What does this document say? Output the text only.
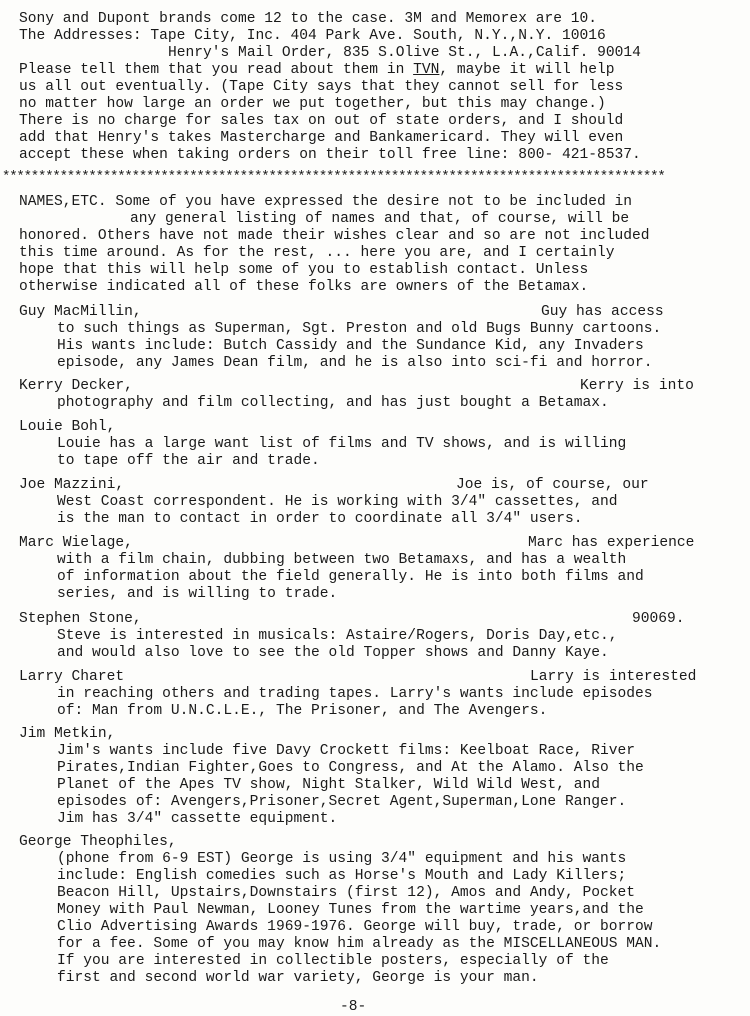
Sony and Dupont brands come 12 to the case. 3M and Memorex are 10.
The Addresses: Tape City, Inc. 404 Park Ave. South, N.Y.,N.Y. 10016
Henry's Mail Order, 835 S.Olive St., L.A.,Calif. 90014
Please tell them that you read about them in TVN, maybe it will help
us all out eventually. (Tape City says that they cannot sell for less
no matter how large an order we put together, but this may change.)
There is no charge for sales tax on out of state orders, and I should
add that Henry's takes Mastercharge and Bankamericard. They will even
accept these when taking orders on their toll free line: 800- 421-8537.
********************************************************************************************
NAMES,ETC. Some of you have expressed the desire not to be included in
any general listing of names and that, of course, will be
honored. Others have not made their wishes clear and so are not included
this time around. As for the rest, ... here you are, and I certainly
hope that this will help some of you to establish contact. Unless
otherwise indicated all of these folks are owners of the Betamax.
Guy MacMillin,	Guy has access
to such things as Superman, Sgt. Preston and old Bugs Bunny cartoons.
His wants include: Butch Cassidy and the Sundance Kid, any Invaders
episode, any James Dean film, and he is also into sci-fi and horror.
Kerry Decker,	Kerry is into
photography and film collecting, and has just bought a Betamax.
Louie Bohl,
Louie has a large want list of films and TV shows, and is willing
to tape off the air and trade.
Joe Mazzini,	Joe is, of course, our
West Coast correspondent. He is working with 3/4" cassettes, and
is the man to contact in order to coordinate all 3/4" users.
Marc Wielage,	Marc has experience
with a film chain, dubbing between two Betamaxs, and has a wealth
of information about the field generally. He is into both films and
series, and is willing to trade.
Stephen Stone,	90069.
Steve is interested in musicals: Astaire/Rogers, Doris Day,etc.,
and would also love to see the old Topper shows and Danny Kaye.
Larry Charet	Larry is interested
in reaching others and trading tapes. Larry's wants include episodes
of: Man from U.N.C.L.E., The Prisoner, and The Avengers.
Jim Metkin,
Jim's wants include five Davy Crockett films: Keelboat Race, River
Pirates,Indian Fighter,Goes to Congress, and At the Alamo. Also the
Planet of the Apes TV show, Night Stalker, Wild Wild West, and
episodes of: Avengers,Prisoner,Secret Agent,Superman,Lone Ranger.
Jim has 3/4" cassette equipment.
George Theophiles,
(phone from 6-9 EST) George is using 3/4" equipment and his wants
include: English comedies such as Horse's Mouth and Lady Killers;
Beacon Hill, Upstairs,Downstairs (first 12), Amos and Andy, Pocket
Money with Paul Newman, Looney Tunes from the wartime years,and the
Clio Advertising Awards 1969-1976. George will buy, trade, or borrow
for a fee. Some of you may know him already as the MISCELLANEOUS MAN.
If you are interested in collectible posters, especially of the
first and second world war variety, George is your man.
-8-
